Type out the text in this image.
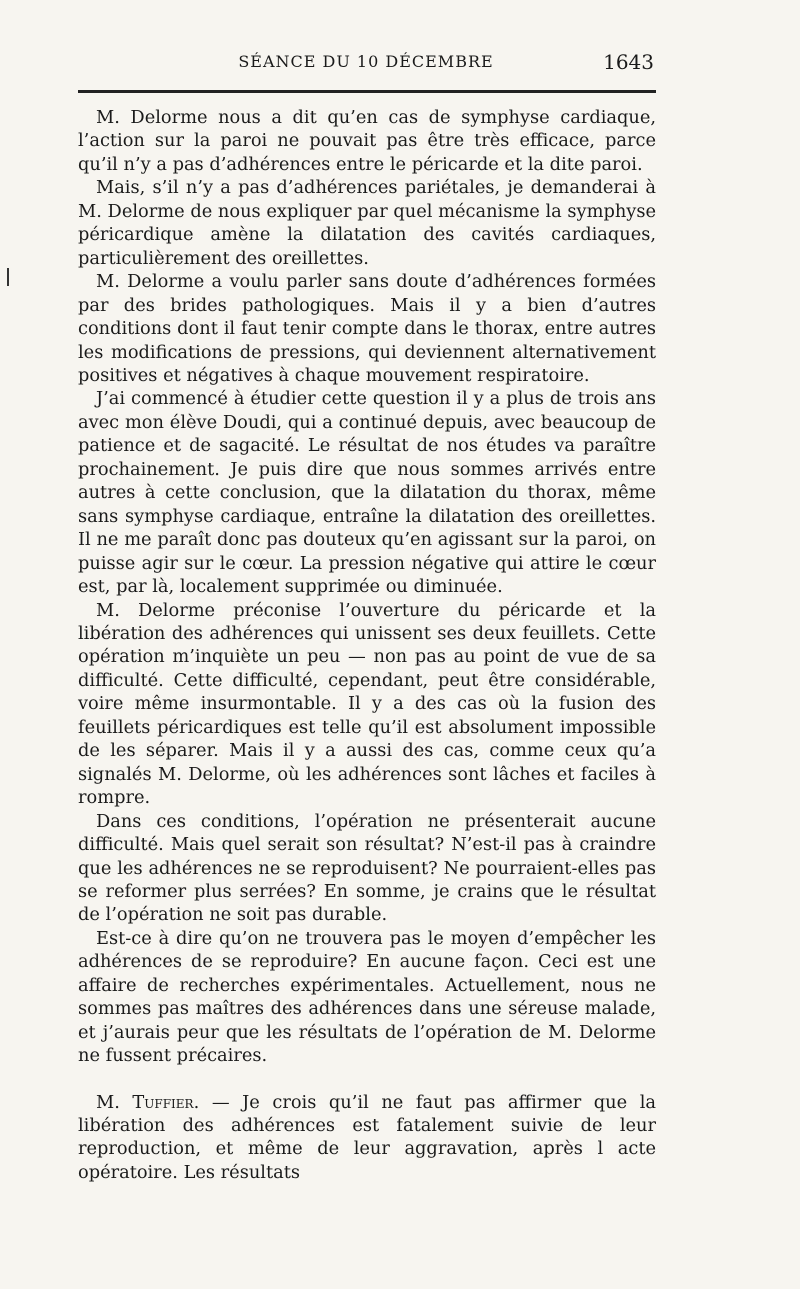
SÉANCE DU 10 DÉCEMBRE	1643

M. Delorme nous a dit qu’en cas de symphyse cardiaque, l’action sur la paroi ne pouvait pas être très efficace, parce qu’il n’y a pas d’adhérences entre le péricarde et la dite paroi.

Mais, s’il n’y a pas d’adhérences pariétales, je demanderai à M. Delorme de nous expliquer par quel mécanisme la symphyse péricardique amène la dilatation des cavités cardiaques, particulièrement des oreillettes.

M. Delorme a voulu parler sans doute d’adhérences formées par des brides pathologiques. Mais il y a bien d’autres conditions dont il faut tenir compte dans le thorax, entre autres les modifications de pressions, qui deviennent alternativement positives et négatives à chaque mouvement respiratoire.

J’ai commencé à étudier cette question il y a plus de trois ans avec mon élève Doudi, qui a continué depuis, avec beaucoup de patience et de sagacité. Le résultat de nos études va paraître prochainement. Je puis dire que nous sommes arrivés entre autres à cette conclusion, que la dilatation du thorax, même sans symphyse cardiaque, entraîne la dilatation des oreillettes. Il ne me paraît donc pas douteux qu’en agissant sur la paroi, on puisse agir sur le cœur. La pression négative qui attire le cœur est, par là, localement supprimée ou diminuée.

M. Delorme préconise l’ouverture du péricarde et la libération des adhérences qui unissent ses deux feuillets. Cette opération m’inquiète un peu — non pas au point de vue de sa difficulté. Cette difficulté, cependant, peut être considérable, voire même insurmontable. Il y a des cas où la fusion des feuillets péricardiques est telle qu’il est absolument impossible de les séparer. Mais il y a aussi des cas, comme ceux qu’a signalés M. Delorme, où les adhérences sont lâches et faciles à rompre.

Dans ces conditions, l’opération ne présenterait aucune difficulté. Mais quel serait son résultat? N’est-il pas à craindre que les adhérences ne se reproduisent? Ne pourraient-elles pas se reformer plus serrées? En somme, je crains que le résultat de l’opération ne soit pas durable.

Est-ce à dire qu’on ne trouvera pas le moyen d’empêcher les adhérences de se reproduire? En aucune façon. Ceci est une affaire de recherches expérimentales. Actuellement, nous ne sommes pas maîtres des adhérences dans une séreuse malade, et j’aurais peur que les résultats de l’opération de M. Delorme ne fussent précaires.

M. Tuffier. — Je crois qu’il ne faut pas affirmer que la libération des adhérences est fatalement suivie de leur reproduction, et même de leur aggravation, après l acte opératoire. Les résultats
